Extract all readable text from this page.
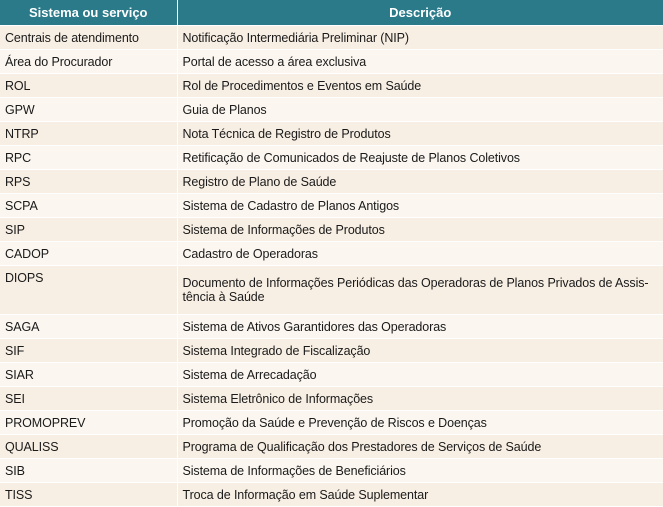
Sistema ou serviço	Descrição
Centrais de atendimento	Notificação Intermediária Preliminar (NIP)
Área do Procurador	Portal de acesso a área exclusiva
ROL	Rol de Procedimentos e Eventos em Saúde
GPW	Guia de Planos
NTRP	Nota Técnica de Registro de Produtos
RPC	Retificação de Comunicados de Reajuste de Planos Coletivos
RPS	Registro de Plano de Saúde
SCPA	Sistema de Cadastro de Planos Antigos
SIP	Sistema de Informações de Produtos
CADOP	Cadastro de Operadoras
DIOPS	Documento de Informações Periódicas das Operadoras de Planos Privados de Assis-tência à Saúde
SAGA	Sistema de Ativos Garantidores das Operadoras
SIF	Sistema Integrado de Fiscalização
SIAR	Sistema de Arrecadação
SEI	Sistema Eletrônico de Informações
PROMOPREV	Promoção da Saúde e Prevenção de Riscos e Doenças
QUALISS	Programa de Qualificação dos Prestadores de Serviços de Saúde
SIB	Sistema de Informações de Beneficiários
TISS	Troca de Informação em Saúde Suplementar
